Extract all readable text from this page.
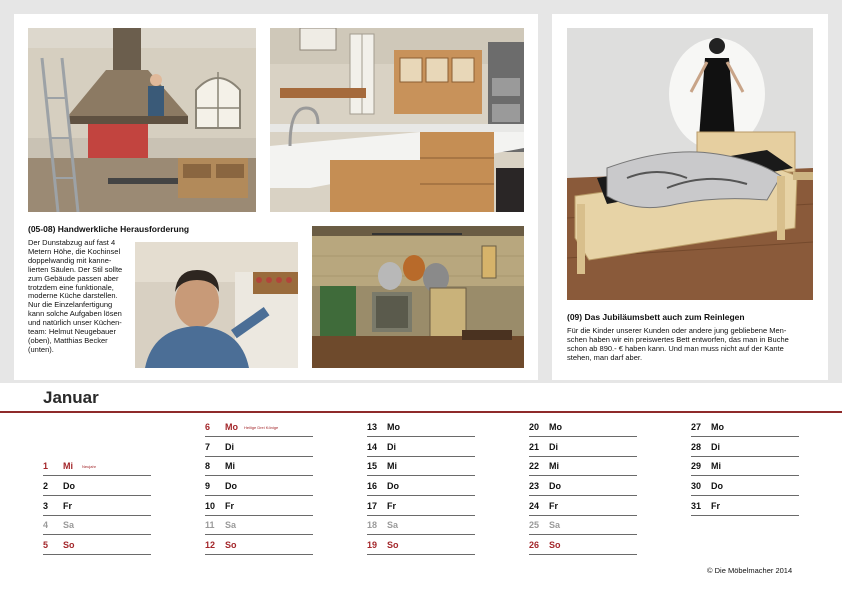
(05-08) Handwerkliche Herausforderung
Der Dunstabzug auf fast 4
Metern Höhe, die Kochinsel
doppelwandig mit kanne-
lierten Säulen. Der Stil sollte
zum Gebäude passen aber
trotzdem eine funktionale,
moderne Küche darstellen.
Nur die Einzelanfertigung
kann solche Aufgaben lösen
und natürlich unser Küchen-
team: Helmut Neugebauer
(oben), Matthias Becker
(unten).
(09) Das Jubiläumsbett auch zum Reinlegen
Für die Kinder unserer Kunden oder andere jung gebliebene Men-
schen haben wir ein preiswertes Bett entworfen, das man in Buche
schon ab 890.- € haben kann. Und man muss nicht auf der Kante
stehen, man darf aber.
Januar
1 Mi Neujahr
2 Do
3 Fr
4 Sa
5 So
6 Mo Heilige Drei Könige
7 Di
8 Mi
9 Do
10 Fr
11 Sa
12 So
13 Mo
14 Di
15 Mi
16 Do
17 Fr
18 Sa
19 So
20 Mo
21 Di
22 Mi
23 Do
24 Fr
25 Sa
26 So
27 Mo
28 Di
29 Mi
30 Do
31 Fr
© Die Möbelmacher 2014
